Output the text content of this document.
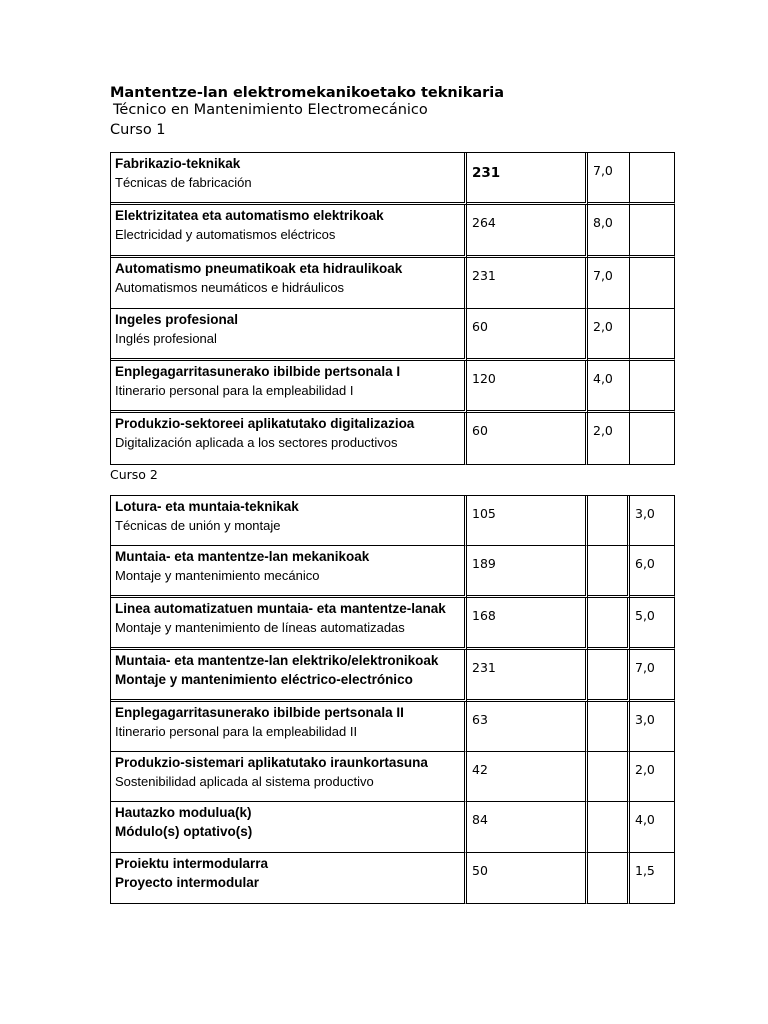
Mantentze-lan elektromekanikoetako teknikaria
Técnico en Mantenimiento Electromecánico
Curso 1
Fabrikazio-teknikak
Técnicas de fabricación	231	7,0	

Elektrizitatea eta automatismo elektrikoak
Electricidad y automatismos eléctricos	264	8,0	

Automatismo pneumatikoak eta hidraulikoak
Automatismos neumáticos e hidráulicos	231	7,0	

Ingeles profesional
Inglés profesional	60	2,0	

Enplegagarritasunerako ibilbide pertsonala I
Itinerario personal para la empleabilidad I	120	4,0	

Produkzio-sektoreei aplikatutako digitalizazioa
Digitalización aplicada a los sectores productivos	60	2,0	

Curso 2
Lotura- eta muntaia-teknikak
Técnicas de unión y montaje	105		3,0

Muntaia- eta mantentze-lan mekanikoak
Montaje y mantenimiento mecánico	189		6,0

Linea automatizatuen muntaia- eta mantentze-lanak
Montaje y mantenimiento de líneas automatizadas	168		5,0

Muntaia- eta mantentze-lan elektriko/elektronikoak
Montaje y mantenimiento eléctrico-electrónico	231		7,0

Enplegagarritasunerako ibilbide pertsonala II
Itinerario personal para la empleabilidad II	63		3,0

Produkzio-sistemari aplikatutako iraunkortasuna
Sostenibilidad aplicada al sistema productivo	42		2,0

Hautazko modulua(k)
Módulo(s) optativo(s)	84		4,0

Proiektu intermodularra
Proyecto intermodular	50		1,5
